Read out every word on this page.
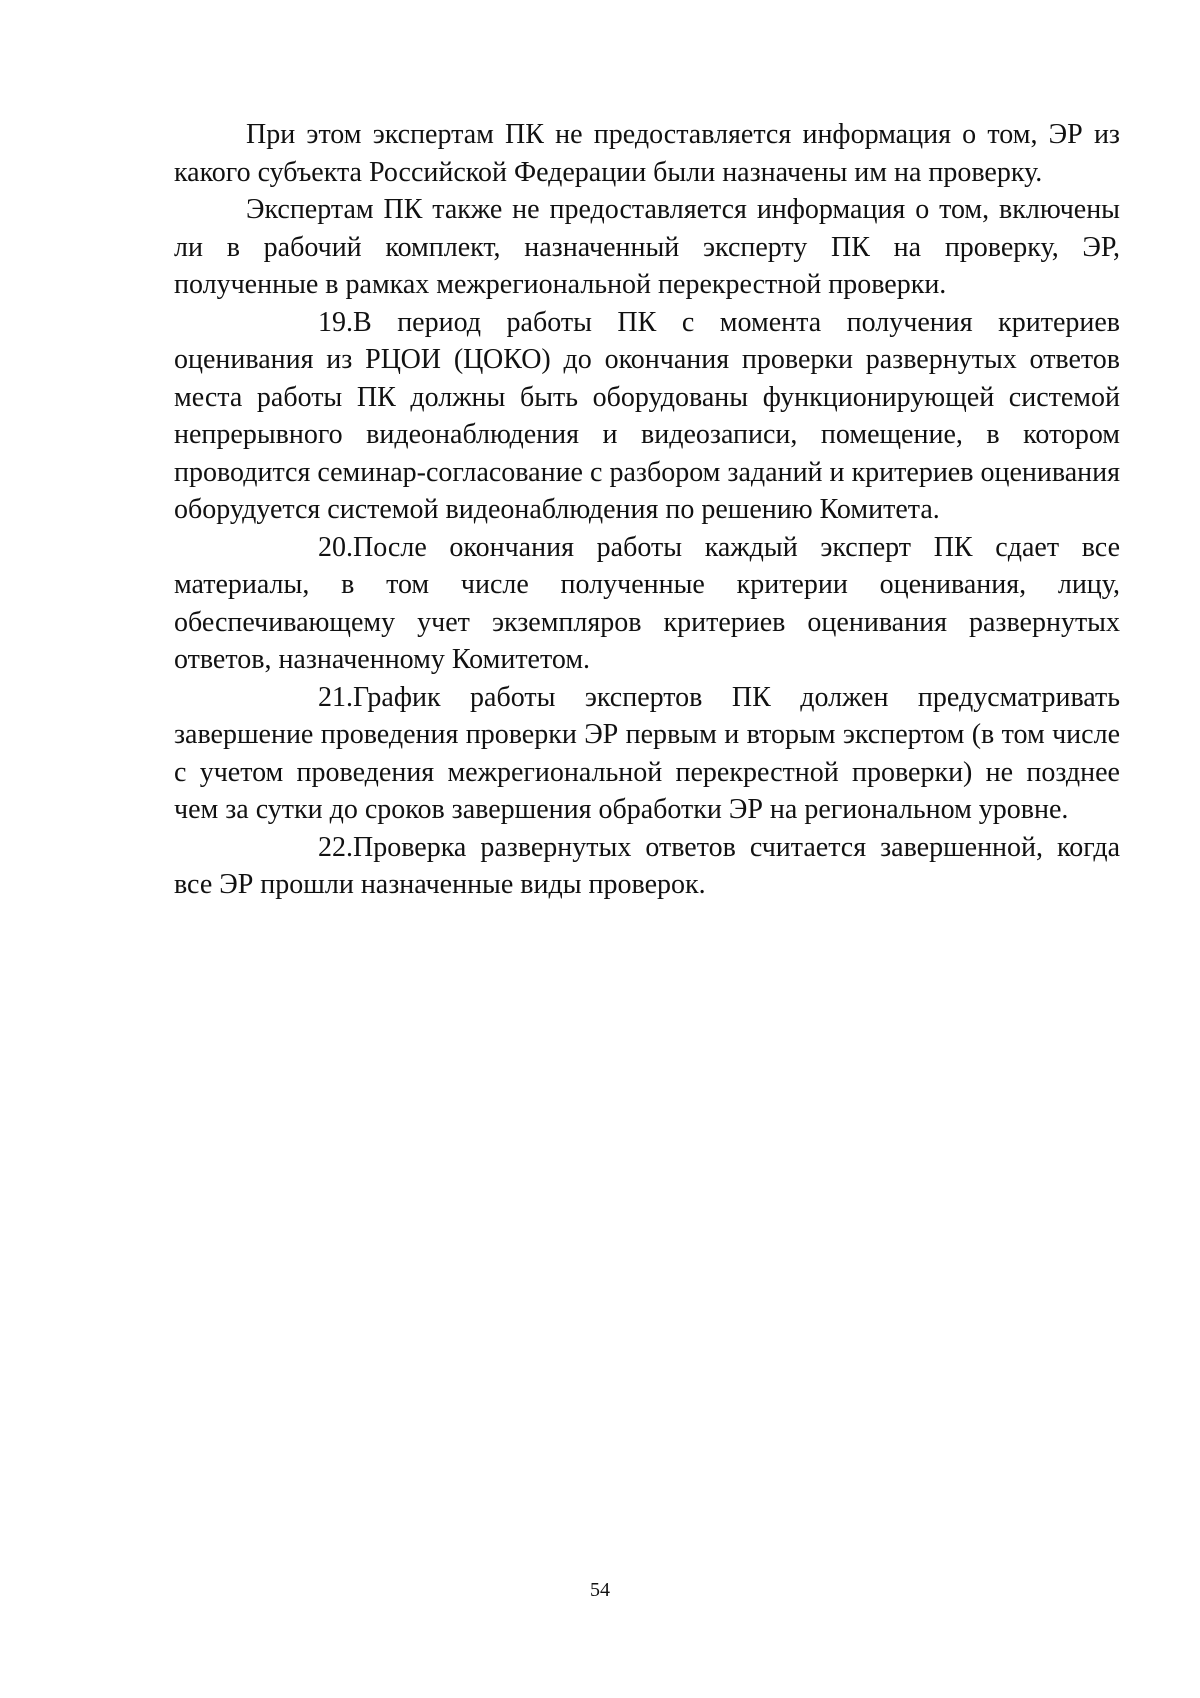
При этом экспертам ПК не предоставляется информация о том, ЭР из какого субъекта Российской Федерации были назначены им на проверку.

Экспертам ПК также не предоставляется информация о том, включены ли в рабочий комплект, назначенный эксперту ПК на проверку, ЭР, полученные в рамках межрегиональной перекрестной проверки.

19.В период работы ПК с момента получения критериев оценивания из РЦОИ (ЦОКО) до окончания проверки развернутых ответов места работы ПК должны быть оборудованы функционирующей системой непрерывного видеонаблюдения и видеозаписи, помещение, в котором проводится семинар-согласование с разбором заданий и критериев оценивания оборудуется системой видеонаблюдения по решению Комитета.

20.После окончания работы каждый эксперт ПК сдает все материалы, в том числе полученные критерии оценивания, лицу, обеспечивающему учет экземпляров критериев оценивания развернутых ответов, назначенному Комитетом.

21.График работы экспертов ПК должен предусматривать завершение проведения проверки ЭР первым и вторым экспертом (в том числе с учетом проведения межрегиональной перекрестной проверки) не позднее чем за сутки до сроков завершения обработки ЭР на региональном уровне.

22.Проверка развернутых ответов считается завершенной, когда все ЭР прошли назначенные виды проверок.

54
